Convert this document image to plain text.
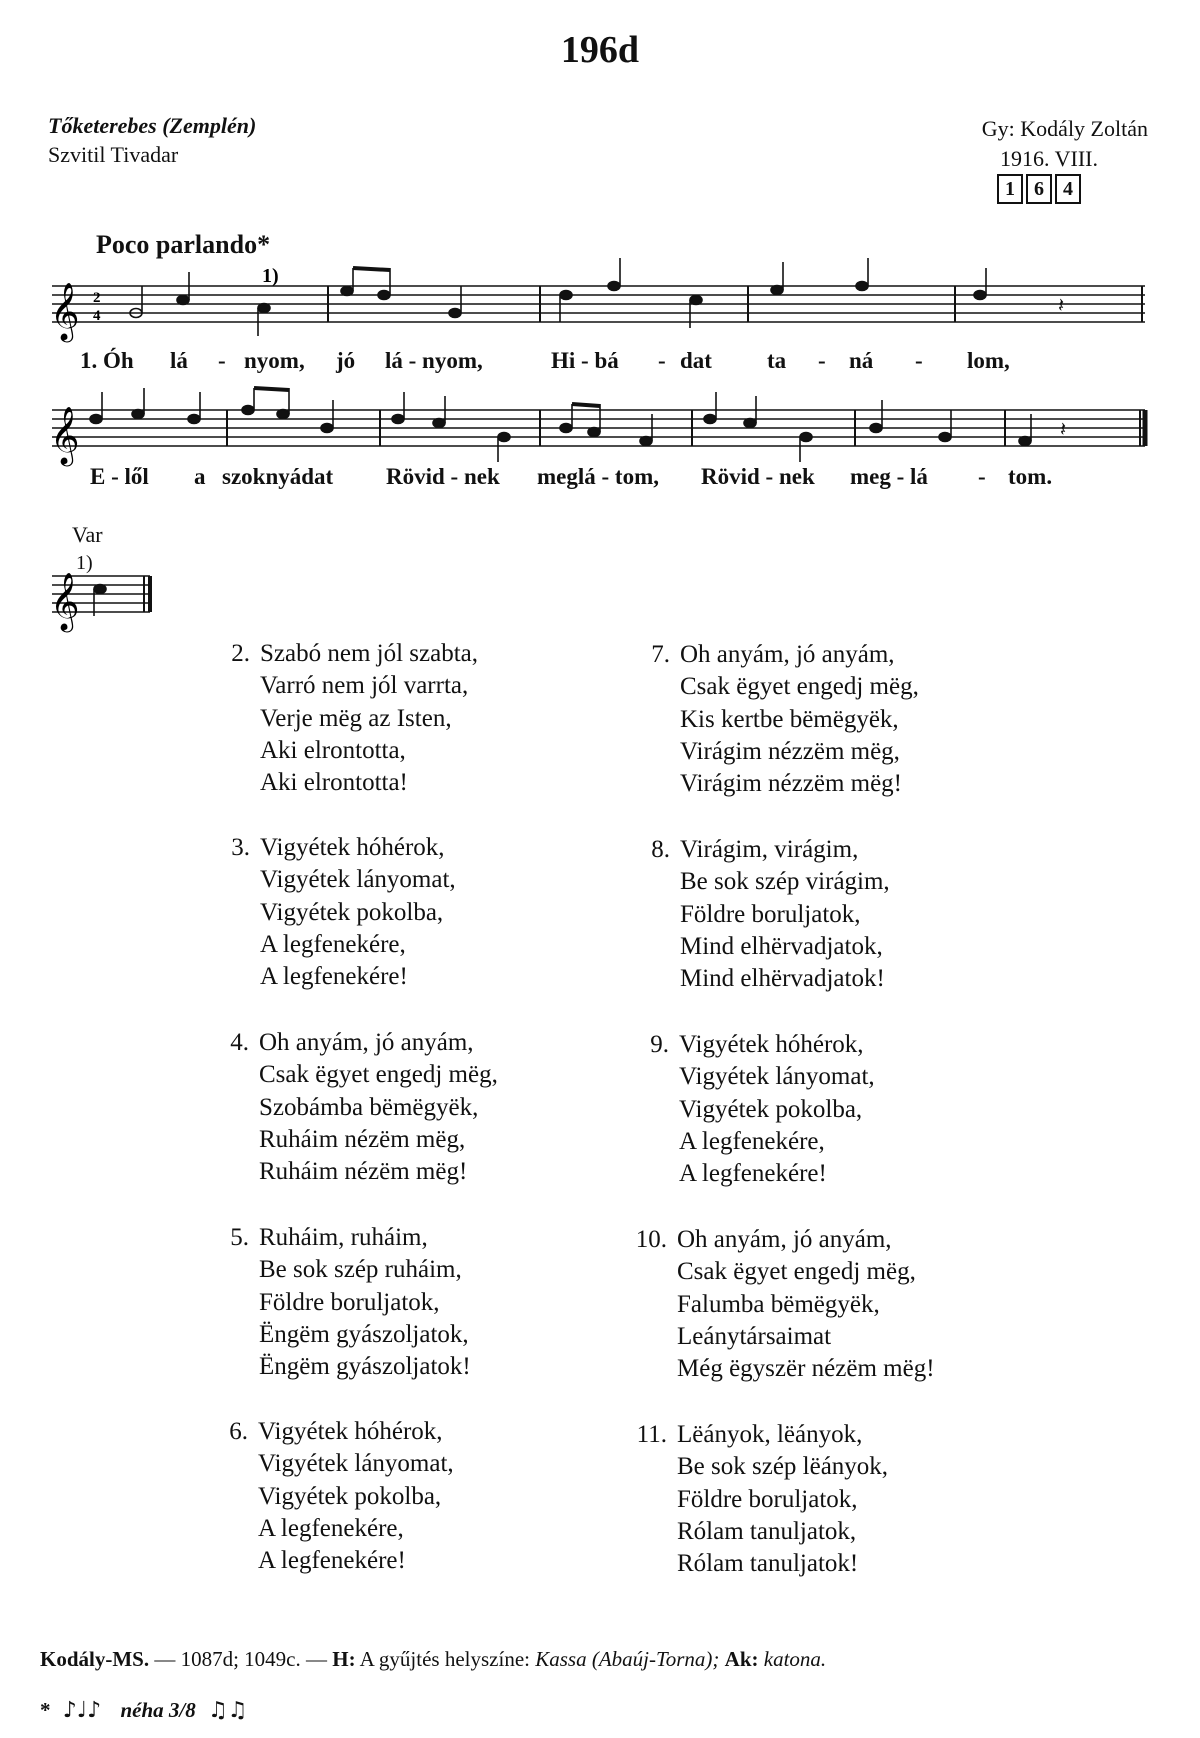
196d
Tőketerebes (Zemplén)
Szvitil Tivadar
Gy: Kodály Zoltán
1916. VIII.
1 6 4
Poco parlando*
1)
𝄞 2
4	𝄽
𝄞	𝄽
𝄞
1. Óh lá - nyom, jó lá - nyom,	Hi - bá - dat ta - ná - lom,
E - lől a szoknyádat Rövid - nek meglá - tom, Rövid - nek meg - lá - tom.
Var
1)
2. Szabó nem jól szabta,
Varró nem jól varrta,
Verje mëg az Isten,
Aki elrontotta,
Aki elrontotta!
3. Vigyétek hóhérok,
Vigyétek lányomat,
Vigyétek pokolba,
A legfenekére,
A legfenekére!
4. Oh anyám, jó anyám,
Csak ëgyet engedj mëg,
Szobámba bëmëgyëk,
Ruháim nézëm mëg,
Ruháim nézëm mëg!
5. Ruháim, ruháim,
Be sok szép ruháim,
Földre boruljatok,
Ëngëm gyászoljatok,
Ëngëm gyászoljatok!
6. Vigyétek hóhérok,
Vigyétek lányomat,
Vigyétek pokolba,
A legfenekére,
A legfenekére!
7. Oh anyám, jó anyám,
Csak ëgyet engedj mëg,
Kis kertbe bëmëgyëk,
Virágim nézzëm mëg,
Virágim nézzëm mëg!
8. Virágim, virágim,
Be sok szép virágim,
Földre boruljatok,
Mind elhërvadjatok,
Mind elhërvadjatok!
9. Vigyétek hóhérok,
Vigyétek lányomat,
Vigyétek pokolba,
A legfenekére,
A legfenekére!
10. Oh anyám, jó anyám,
Csak ëgyet engedj mëg,
Falumba bëmëgyëk,
Leánytársaimat
Még ëgyszër nézëm mëg!
11. Lëányok, lëányok,
Be sok szép lëányok,
Földre boruljatok,
Rólam tanuljatok,
Rólam tanuljatok!
Kodály-MS. — 1087d; 1049c. — H: A gyűjtés helyszíne: Kassa (Abaúj-Torna); Ak: katona.
*  ♪♩♪   néha 3/8  ♫♫
